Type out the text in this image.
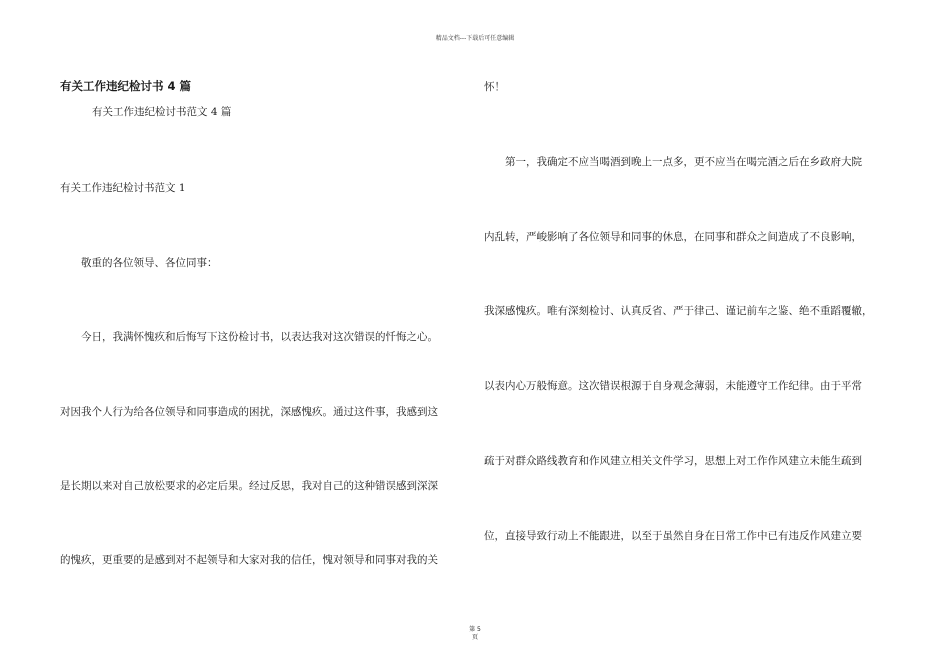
精品文档---下载后可任意编辑
有关工作违纪检讨书 4 篇
有关工作违纪检讨书范文 4 篇
有关工作违纪检讨书范文 1
敬重的各位领导、各位同事：
今日，我满怀愧疚和后悔写下这份检讨书，以表达我对这次错误的忏悔之心。
对因我个人行为给各位领导和同事造成的困扰，深感愧疚。通过这件事，我感到这
是长期以来对自己放松要求的必定后果。经过反思，我对自己的这种错误感到深深
的愧疚，更重要的是感到对不起领导和大家对我的信任，愧对领导和同事对我的关
怀！
第一，我确定不应当喝酒到晚上一点多，更不应当在喝完酒之后在乡政府大院
内乱转，严峻影响了各位领导和同事的休息，在同事和群众之间造成了不良影响，
我深感愧疚。唯有深刻检讨、认真反省、严于律己、谨记前车之鉴、绝不重蹈覆辙，
以表内心万般悔意。这次错误根源于自身观念薄弱，未能遵守工作纪律。由于平常
疏于对群众路线教育和作风建立相关文件学习，思想上对工作作风建立未能生疏到
位，直接导致行动上不能跟进，以至于虽然自身在日常工作中已有违反作风建立要
第 5
页
